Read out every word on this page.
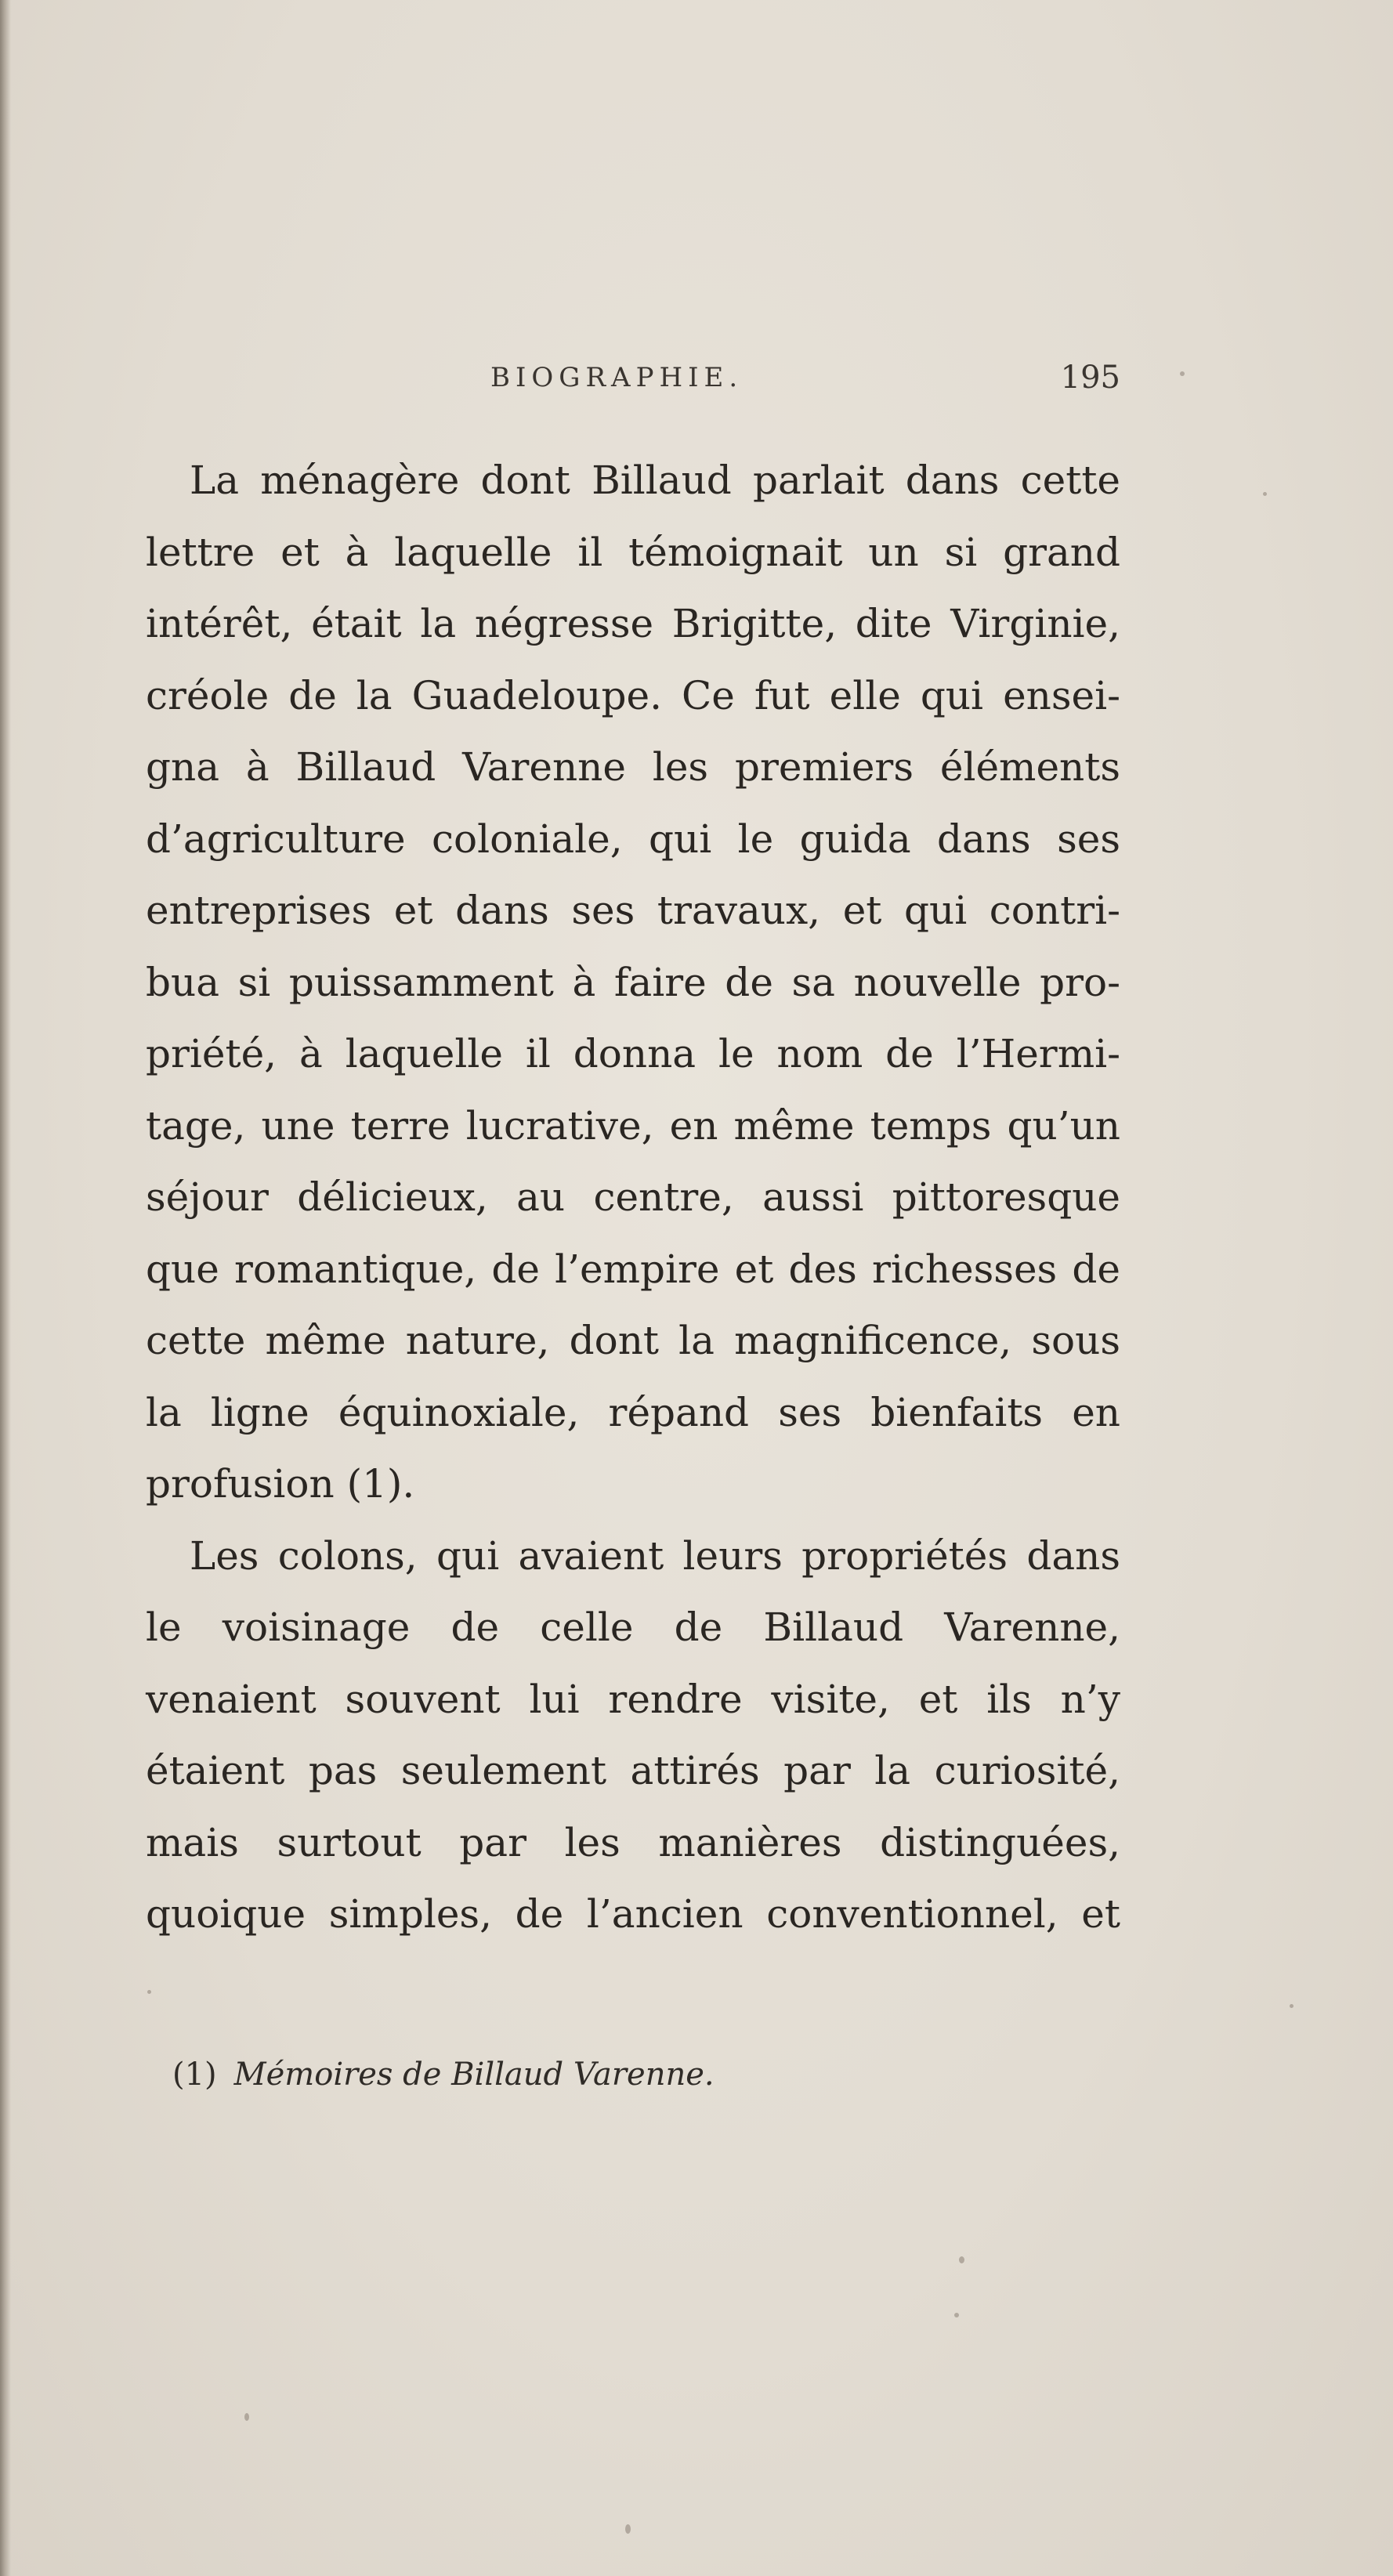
BIOGRAPHIE.	195
La ménagère dont Billaud parlait dans cette
lettre et à laquelle il témoignait un si grand
intérêt, était la négresse Brigitte, dite Virginie,
créole de la Guadeloupe. Ce fut elle qui ensei-
gna à Billaud Varenne les premiers éléments
d’agriculture coloniale, qui le guida dans ses
entreprises et dans ses travaux, et qui contri-
bua si puissamment à faire de sa nouvelle pro-
priété, à laquelle il donna le nom de l’Hermi-
tage, une terre lucrative, en même temps qu’un
séjour délicieux, au centre, aussi pittoresque
que romantique, de l’empire et des richesses de
cette même nature, dont la magnificence, sous
la ligne équinoxiale, répand ses bienfaits en
profusion (1).
Les colons, qui avaient leurs propriétés dans
le voisinage de celle de Billaud Varenne,
venaient souvent lui rendre visite, et ils n’y
étaient pas seulement attirés par la curiosité,
mais surtout par les manières distinguées,
quoique simples, de l’ancien conventionnel, et
(1) Mémoires de Billaud Varenne.
